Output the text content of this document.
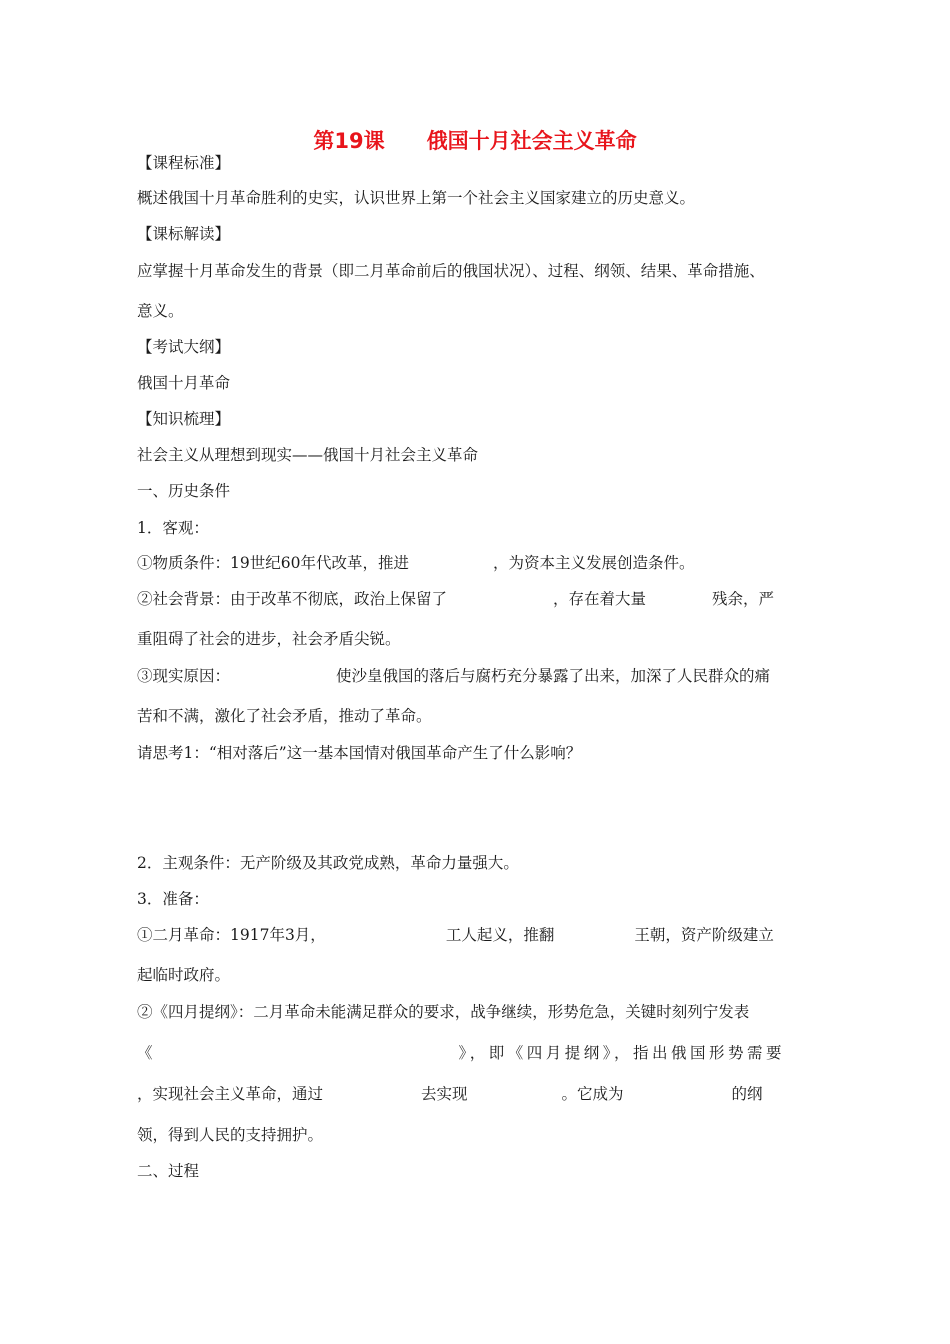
第19课　　俄国十月社会主义革命
【课程标准】
概述俄国十月革命胜利的史实，认识世界上第一个社会主义国家建立的历史意义。
【课标解读】
应掌握十月革命发生的背景（即二月革命前后的俄国状况）、过程、纲领、结果、革命措施、
意义。
【考试大纲】
俄国十月革命
【知识梳理】
社会主义从理想到现实——俄国十月社会主义革命
一、历史条件
1．客观：
①物质条件：19世纪60年代改革，推进	，为资本主义发展创造条件。
②社会背景：由于改革不彻底，政治上保留了	，存在着大量	残余，严
重阻碍了社会的进步，社会矛盾尖锐。
③现实原因：	使沙皇俄国的落后与腐朽充分暴露了出来，加深了人民群众的痛
苦和不满，激化了社会矛盾，推动了革命。
请思考1：“相对落后”这一基本国情对俄国革命产生了什么影响？
2．主观条件：无产阶级及其政党成熟，革命力量强大。
3．准备：
①二月革命：1917年3月，	工人起义，推翻	王朝，资产阶级建立
起临时政府。
②《四月提纲》：二月革命未能满足群众的要求，战争继续，形势危急，关键时刻列宁发表
《	》，即《四月提纲》，指出俄国形势需要
，实现社会主义革命，通过	去实现	。它成为	的纲
领，得到人民的支持拥护。
二、过程
